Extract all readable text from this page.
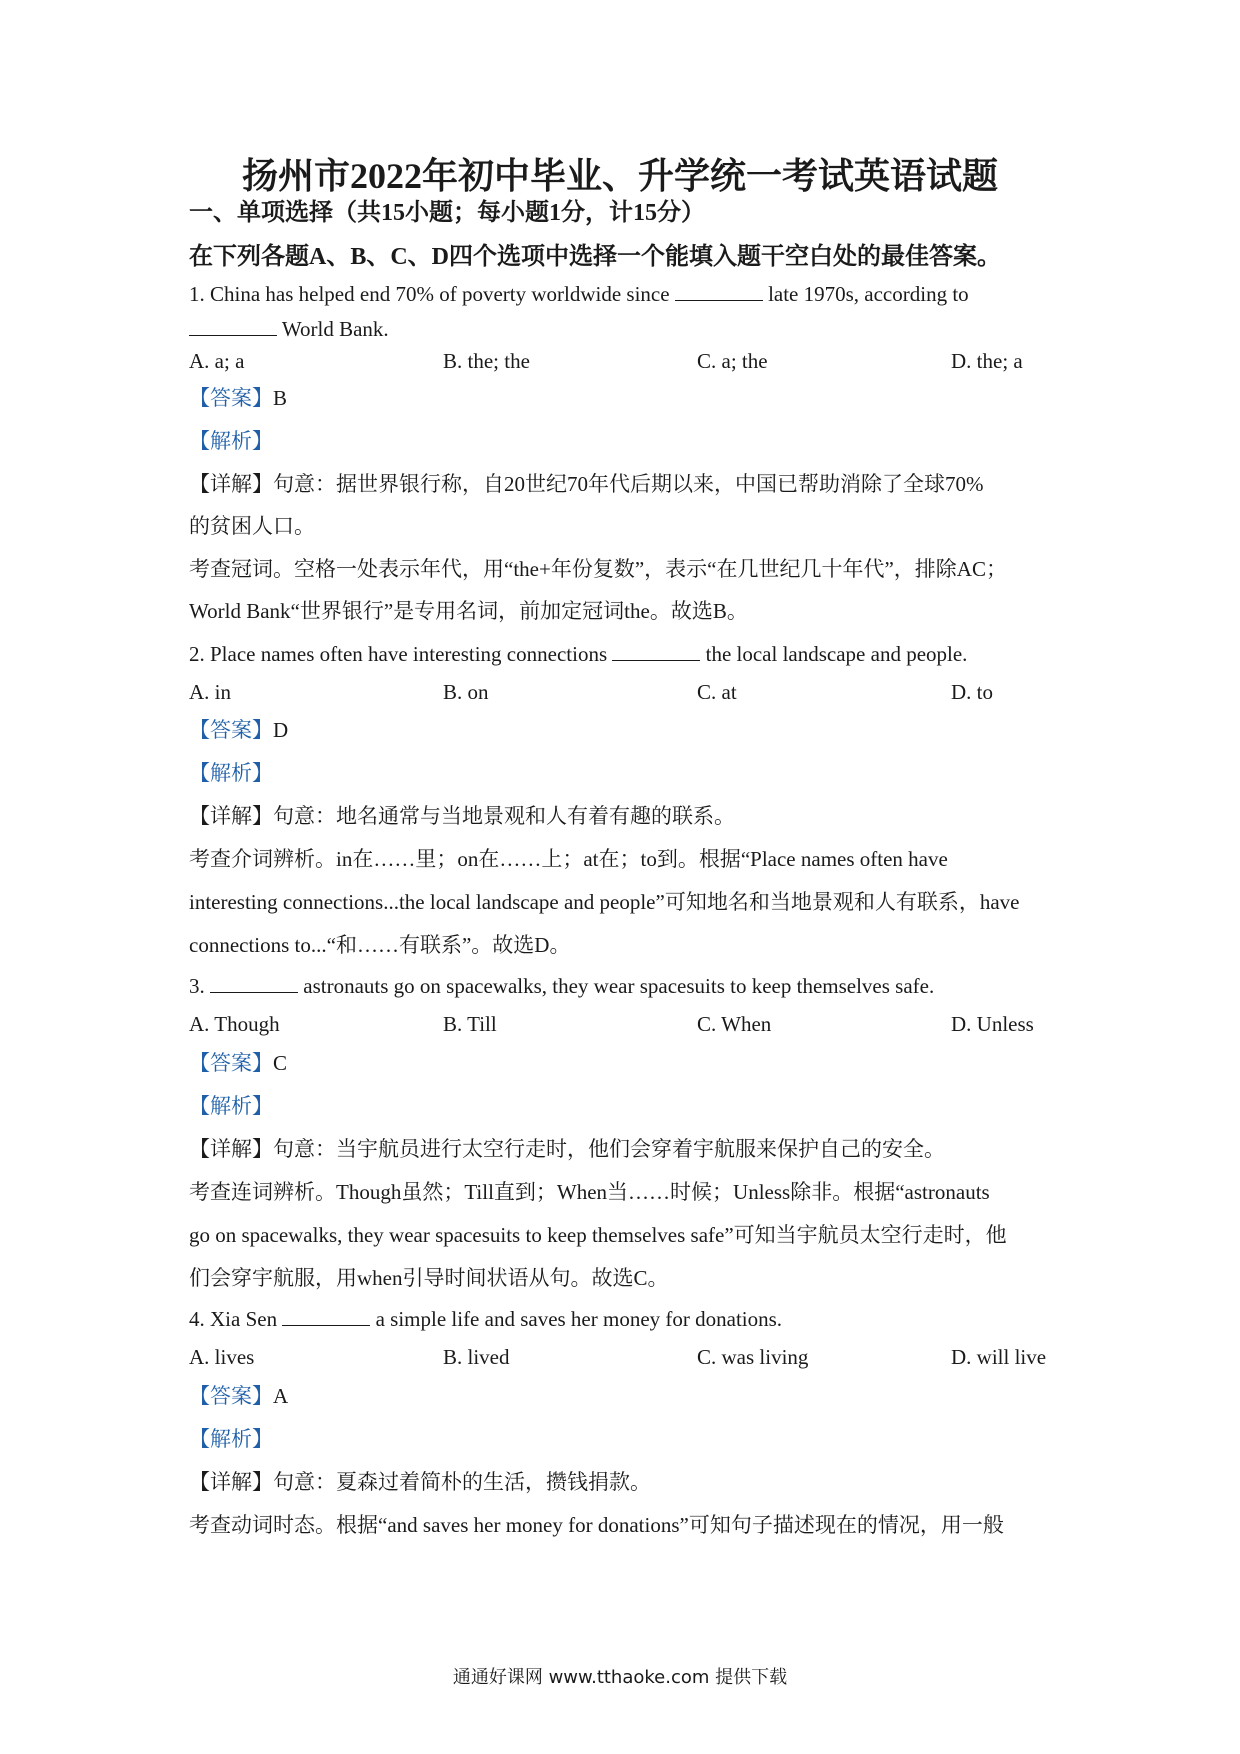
扬州市2022年初中毕业、升学统一考试英语试题
一、单项选择（共15小题；每小题1分，计15分）
在下列各题A、B、C、D四个选项中选择一个能填入题干空白处的最佳答案。
1. China has helped end 70% of poverty worldwide since	late 1970s, according to
World Bank.
A. a; a	B. the; the	C. a; the	D. the; a
【答案】B
【解析】
【详解】句意：据世界银行称，自20世纪70年代后期以来，中国已帮助消除了全球70%
的贫困人口。
考查冠词。空格一处表示年代，用“the+年份复数”，表示“在几世纪几十年代”，排除AC；
World Bank“世界银行”是专用名词，前加定冠词the。故选B。
2. Place names often have interesting connections	the local landscape and people.
A. in	B. on	C. at	D. to
【答案】D
【解析】
【详解】句意：地名通常与当地景观和人有着有趣的联系。
考查介词辨析。in在……里；on在……上；at在；to到。根据“Place names often have
interesting connections...the local landscape and people”可知地名和当地景观和人有联系，have
connections to...“和……有联系”。故选D。
3.	astronauts go on spacewalks, they wear spacesuits to keep themselves safe.
A. Though	B. Till	C. When	D. Unless
【答案】C
【解析】
【详解】句意：当宇航员进行太空行走时，他们会穿着宇航服来保护自己的安全。
考查连词辨析。Though虽然；Till直到；When当……时候；Unless除非。根据“astronauts
go on spacewalks, they wear spacesuits to keep themselves safe”可知当宇航员太空行走时，他
们会穿宇航服，用when引导时间状语从句。故选C。
4. Xia Sen	a simple life and saves her money for donations.
A. lives	B. lived	C. was living	D. will live
【答案】A
【解析】
【详解】句意：夏森过着简朴的生活，攒钱捐款。
考查动词时态。根据“and saves her money for donations”可知句子描述现在的情况，用一般
通通好课网 www.tthaoke.com 提供下载
